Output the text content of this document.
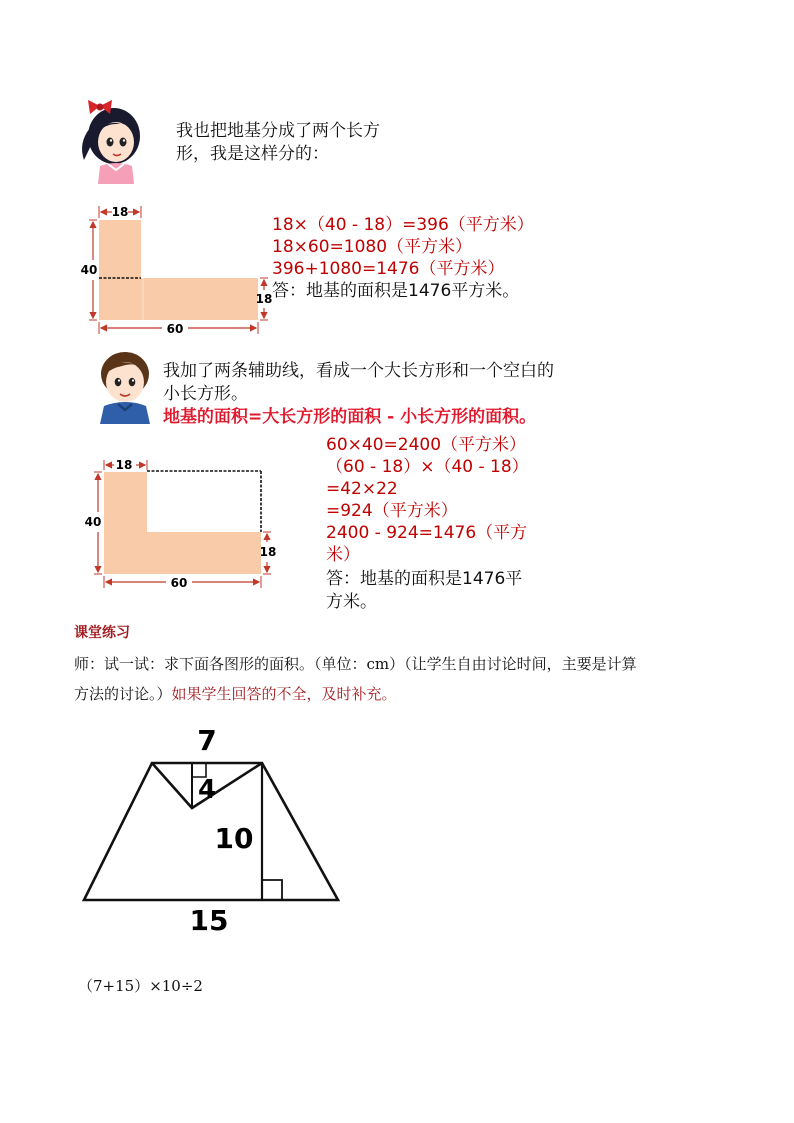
我也把地基分成了两个长方
形，我是这样分的：
18
40
18
60
18×（40 - 18）=396（平方米）
18×60=1080（平方米）
396+1080=1476（平方米）
答：地基的面积是1476平方米。
我加了两条辅助线，看成一个大长方形和一个空白的
小长方形。
地基的面积=大长方形的面积 - 小长方形的面积。
18
40
18
60
60×40=2400（平方米）
（60 - 18）×（40 - 18）
=42×22
=924（平方米）
2400 - 924=1476（平方
米）
答：地基的面积是1476平
方米。
课堂练习
师：试一试：求下面各图形的面积。（单位：cm）（让学生自由讨论时间，主要是计算
方法的讨论。）如果学生回答的不全，及时补充。
7
4
10
15
（7+15）×10÷2
